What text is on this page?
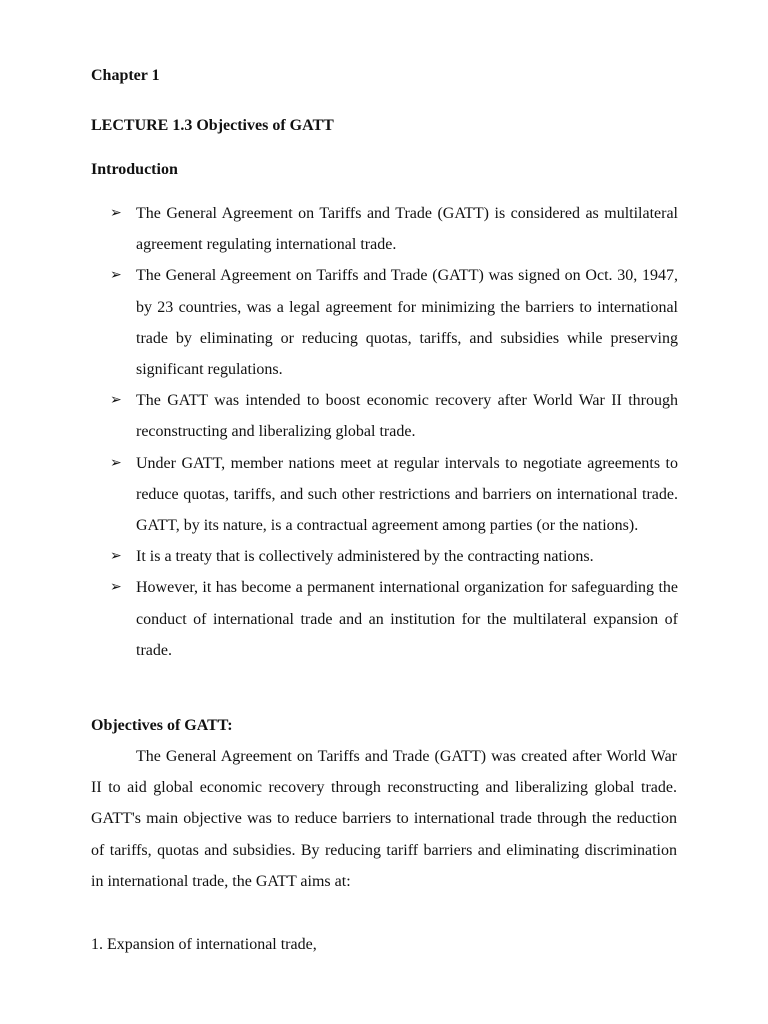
Chapter 1
LECTURE 1.3 Objectives of GATT
Introduction
➢ The General Agreement on Tariffs and Trade (GATT) is considered as multilateral agreement regulating international trade.
➢ The General Agreement on Tariffs and Trade (GATT) was signed on Oct. 30, 1947, by 23 countries, was a legal agreement for minimizing the barriers to international trade by eliminating or reducing quotas, tariffs, and subsidies while preserving significant regulations.
➢ The GATT was intended to boost economic recovery after World War II through reconstructing and liberalizing global trade.
➢ Under GATT, member nations meet at regular intervals to negotiate agreements to reduce quotas, tariffs, and such other restrictions and barriers on international trade. GATT, by its nature, is a contractual agreement among parties (or the nations).
➢ It is a treaty that is collectively administered by the contracting nations.
➢ However, it has become a permanent international organization for safeguarding the conduct of international trade and an institution for the multilateral expansion of trade.
Objectives of GATT:

The General Agreement on Tariffs and Trade (GATT) was created after World War II to aid global economic recovery through reconstructing and liberalizing global trade. GATT's main objective was to reduce barriers to international trade through the reduction of tariffs, quotas and subsidies. By reducing tariff barriers and eliminating discrimination in international trade, the GATT aims at:

1. Expansion of international trade,
